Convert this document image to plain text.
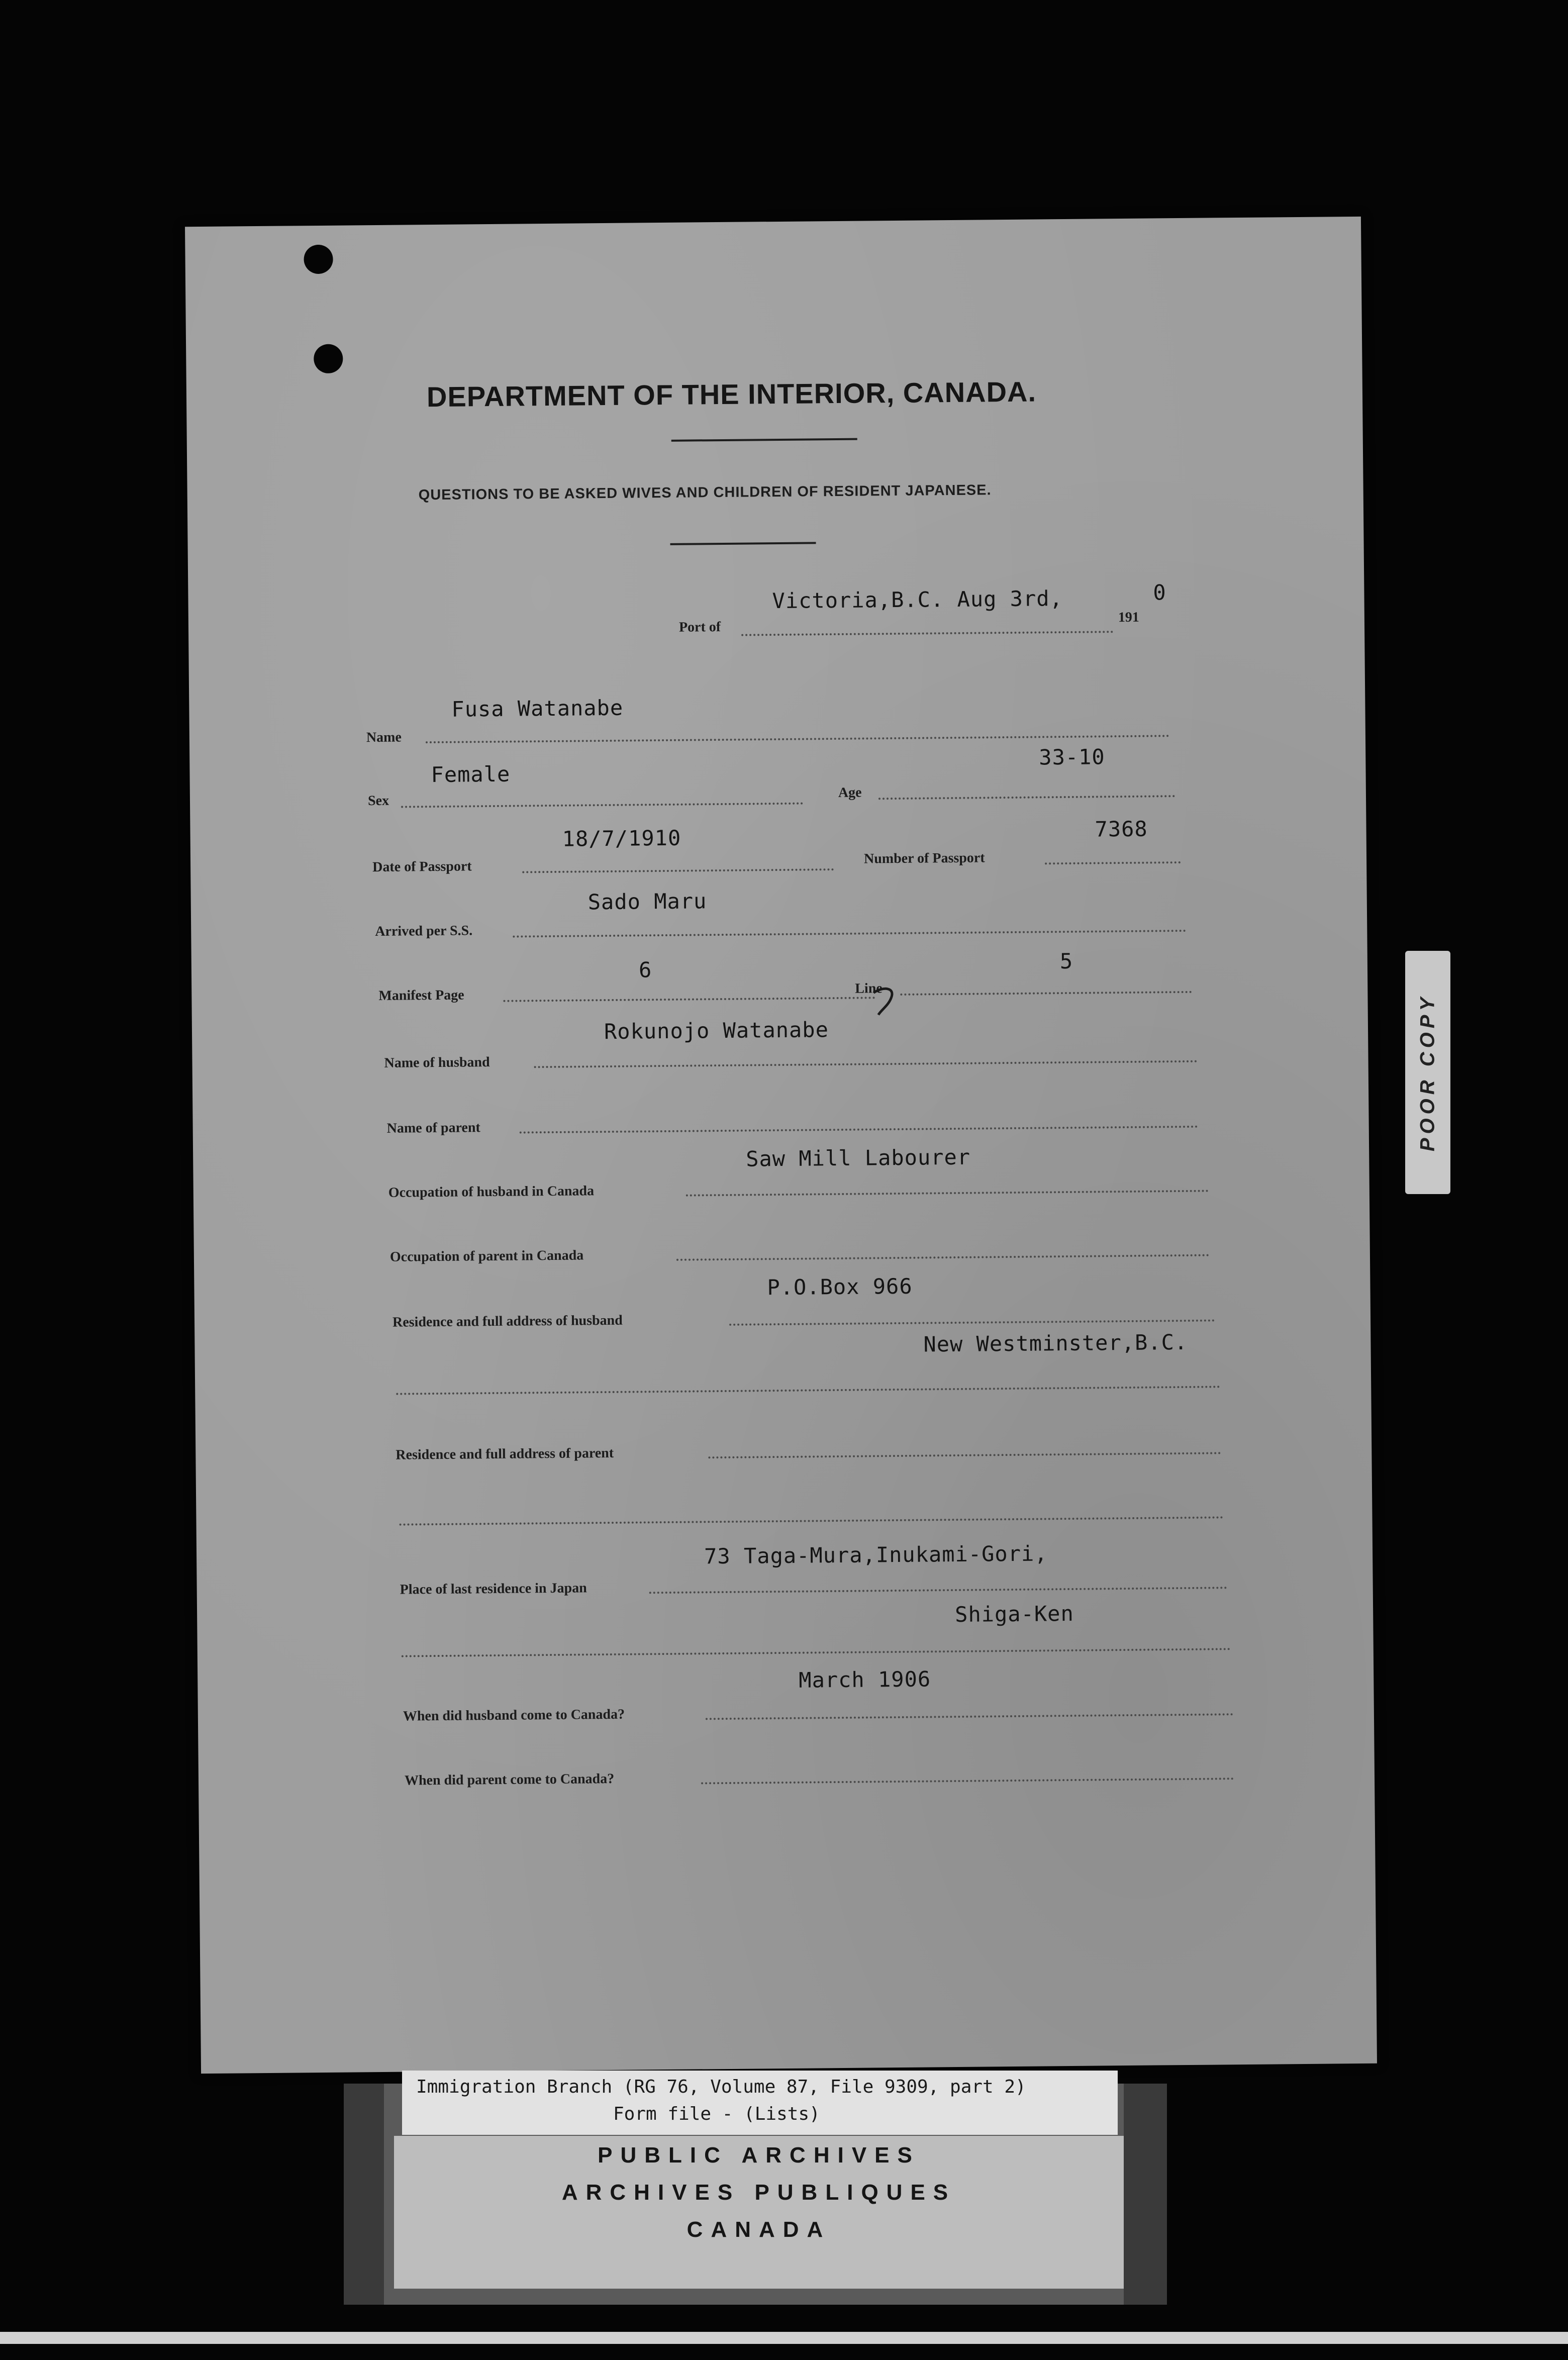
DEPARTMENT OF THE INTERIOR, CANADA.
QUESTIONS TO BE ASKED WIVES AND CHILDREN OF RESIDENT JAPANESE.
Port of
Victoria,B.C. Aug 3rd,
191
0
Name
Fusa Watanabe
Sex
Female
Age
33-10
Date of Passport
18/7/1910
Number of Passport
7368
Arrived per S.S.
Sado Maru
Manifest Page
6
Line
5
Name of husband
Rokunojo Watanabe
Name of parent
Occupation of husband in Canada
Saw Mill Labourer
Occupation of parent in Canada
Residence and full address of husband
P.O.Box 966
New Westminster,B.C.
Residence and full address of parent
Place of last residence in Japan
73 Taga-Mura,Inukami-Gori,
Shiga-Ken
When did husband come to Canada?
March 1906
When did parent come to Canada?
POOR COPY
Immigration Branch (RG 76, Volume 87, File 9309, part 2)
Form file - (Lists)
PUBLIC ARCHIVES
ARCHIVES PUBLIQUES
CANADA
